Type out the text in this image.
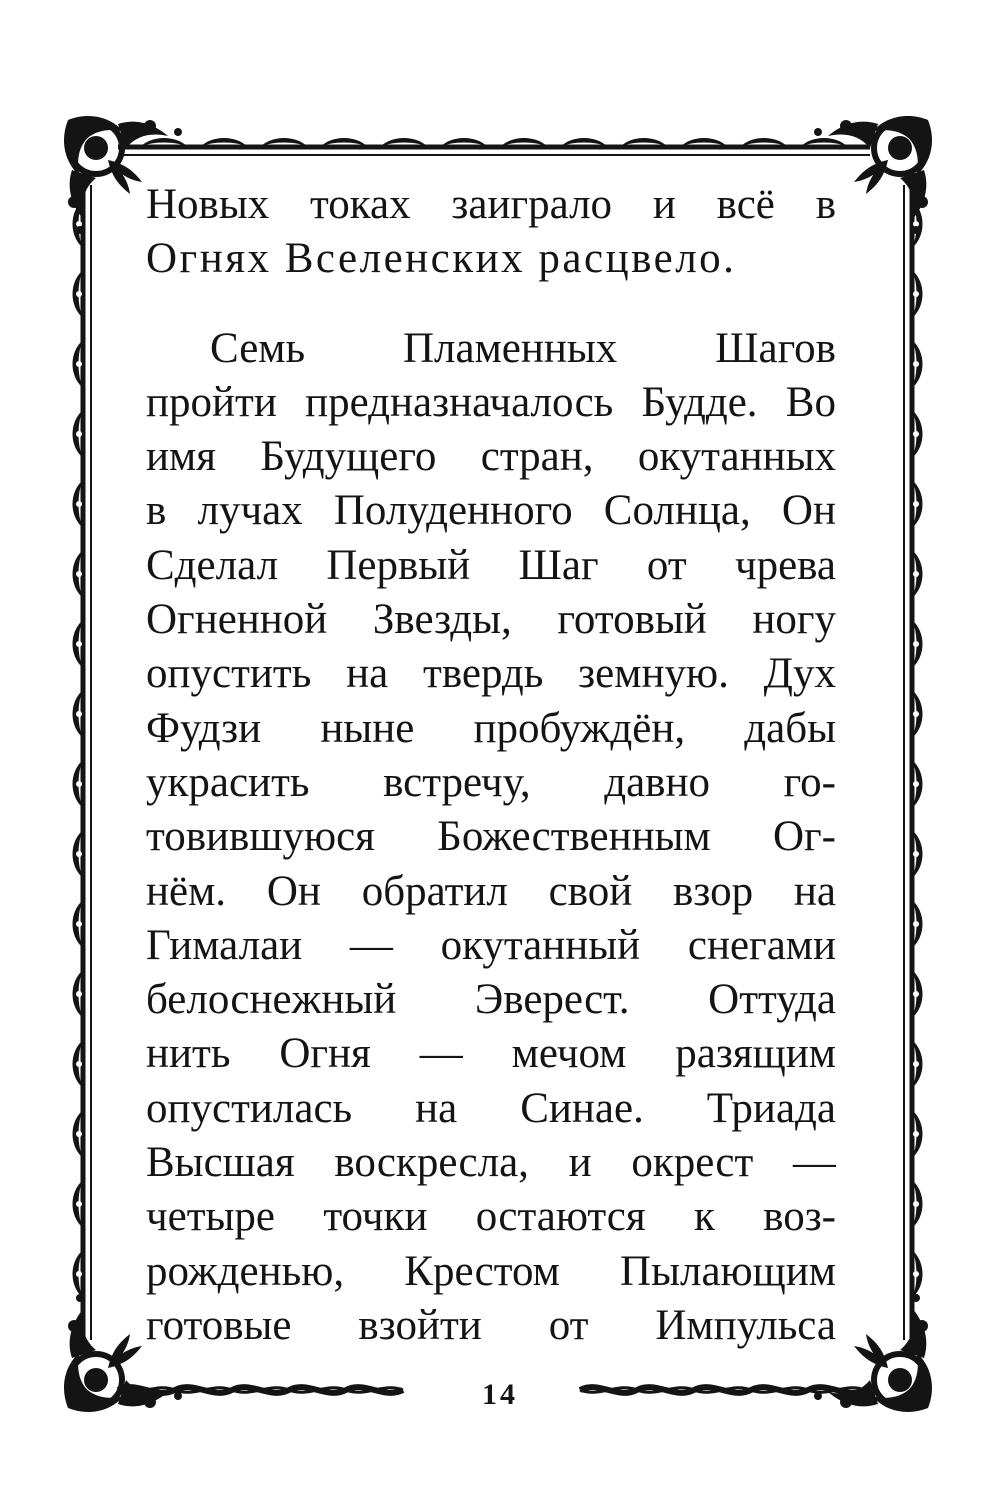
Новых токах заиграло и всё в
Огнях Вселенских расцвело.
Семь Пламенных Шагов
пройти предназначалось Будде. Во
имя Будущего стран, окутанных
в лучах Полуденного Солнца, Он
Сделал Первый Шаг от чрева
Огненной Звезды, готовый ногу
опустить на твердь земную. Дух
Фудзи ныне пробуждён, дабы
украсить встречу, давно го-
товившуюся Божественным Ог-
нём. Он обратил свой взор на
Гималаи — окутанный снегами
белоснежный Эверест. Оттуда
нить Огня — мечом разящим
опустилась на Синае. Триада
Высшая воскресла, и окрест —
четыре точки остаются к воз-
рожденью, Крестом Пылающим
готовые взойти от Импульса
14
